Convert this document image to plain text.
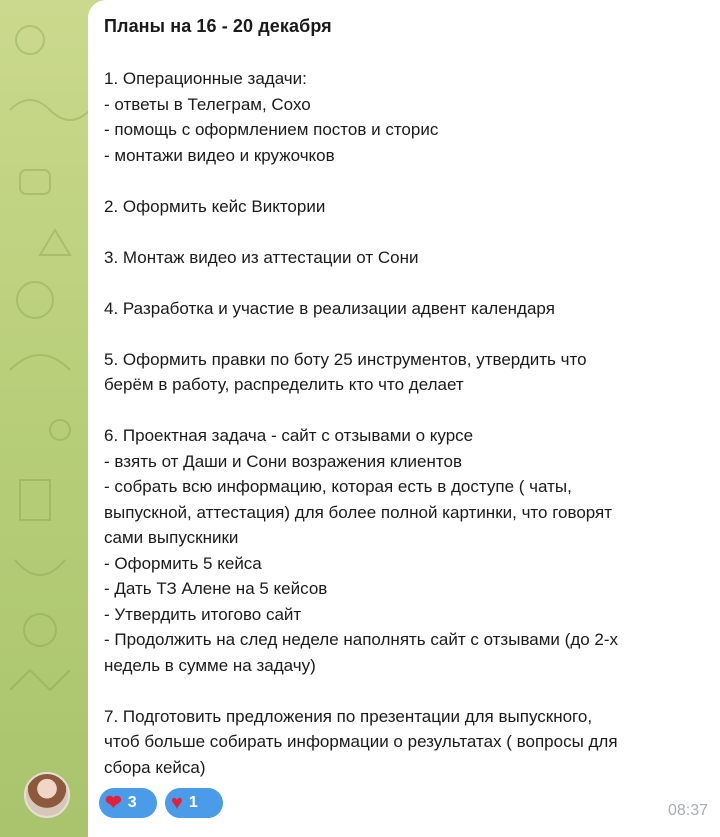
Планы на 16 - 20 декабря

1. Операционные задачи:

- ответы в Телеграм, Сохо

- помощь с оформлением постов и сторис

- монтажи видео и кружочков

2. Оформить кейс Виктории

3. Монтаж видео из аттестации от Сони

4. Разработка и участие в реализации адвент календаря

5. Оформить правки по боту 25 инструментов, утвердить что

берём в работу, распределить кто что делает

6. Проектная задача - сайт с отзывами о курсе

- взять от Даши и Сони возражения клиентов

- собрать всю информацию, которая есть в доступе ( чаты,

выпускной, аттестация) для более полной картинки, что говорят

сами выпускники

- Оформить 5 кейса

- Дать ТЗ Алене на 5 кейсов

- Утвердить итогово сайт

- Продолжить на след неделе наполнять сайт с отзывами (до 2-х

недель в сумме на задачу)

7. Подготовить предложения по презентации для выпускного,

чтоб больше собирать информации о результатах ( вопросы для

сбора кейса)

❤ 3 ♥ 1	08:37
